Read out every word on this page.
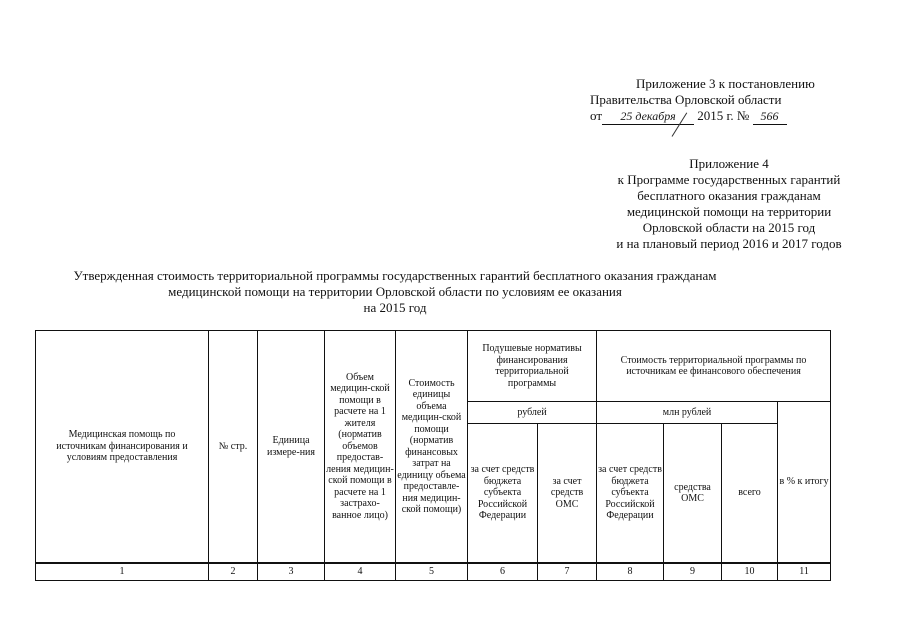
Приложение 3 к постановлению
Правительства Орловской области
от 25 декабря 2015 г. № 566
Приложение 4
к Программе государственных гарантий
бесплатного оказания гражданам
медицинской помощи на территории
Орловской области на 2015 год
и на плановый период 2016 и 2017 годов
Утвержденная стоимость территориальной программы государственных гарантий бесплатного оказания гражданам
медицинской помощи на территории Орловской области по условиям ее оказания
на 2015 год
Медицинская помощь по источникам финансирования и условиям предоставления	№ стр.	Единица измере-ния	Объем медицин-ской помощи в расчете на 1 жителя (норматив объемов предостав-ления медицин-ской помощи в расчете на 1 застрахо-ванное лицо)	Стоимость единицы объема медицин-ской помощи (норматив финансовых затрат на единицу объема предоставле-ния медицин-ской помощи)	Подушевые нормативы финансирования территориальной программы		Стоимость территориальной программы по источникам ее финансового обеспечения			
					рублей		млн рублей			в % к итогу
					за счет средств бюджета субъекта Российской Федерации	за счет средств ОМС	за счет средств бюджета субъекта Российской Федерации	средства ОМС	всего	
1	2	3	4	5	6	7	8	9	10	11
